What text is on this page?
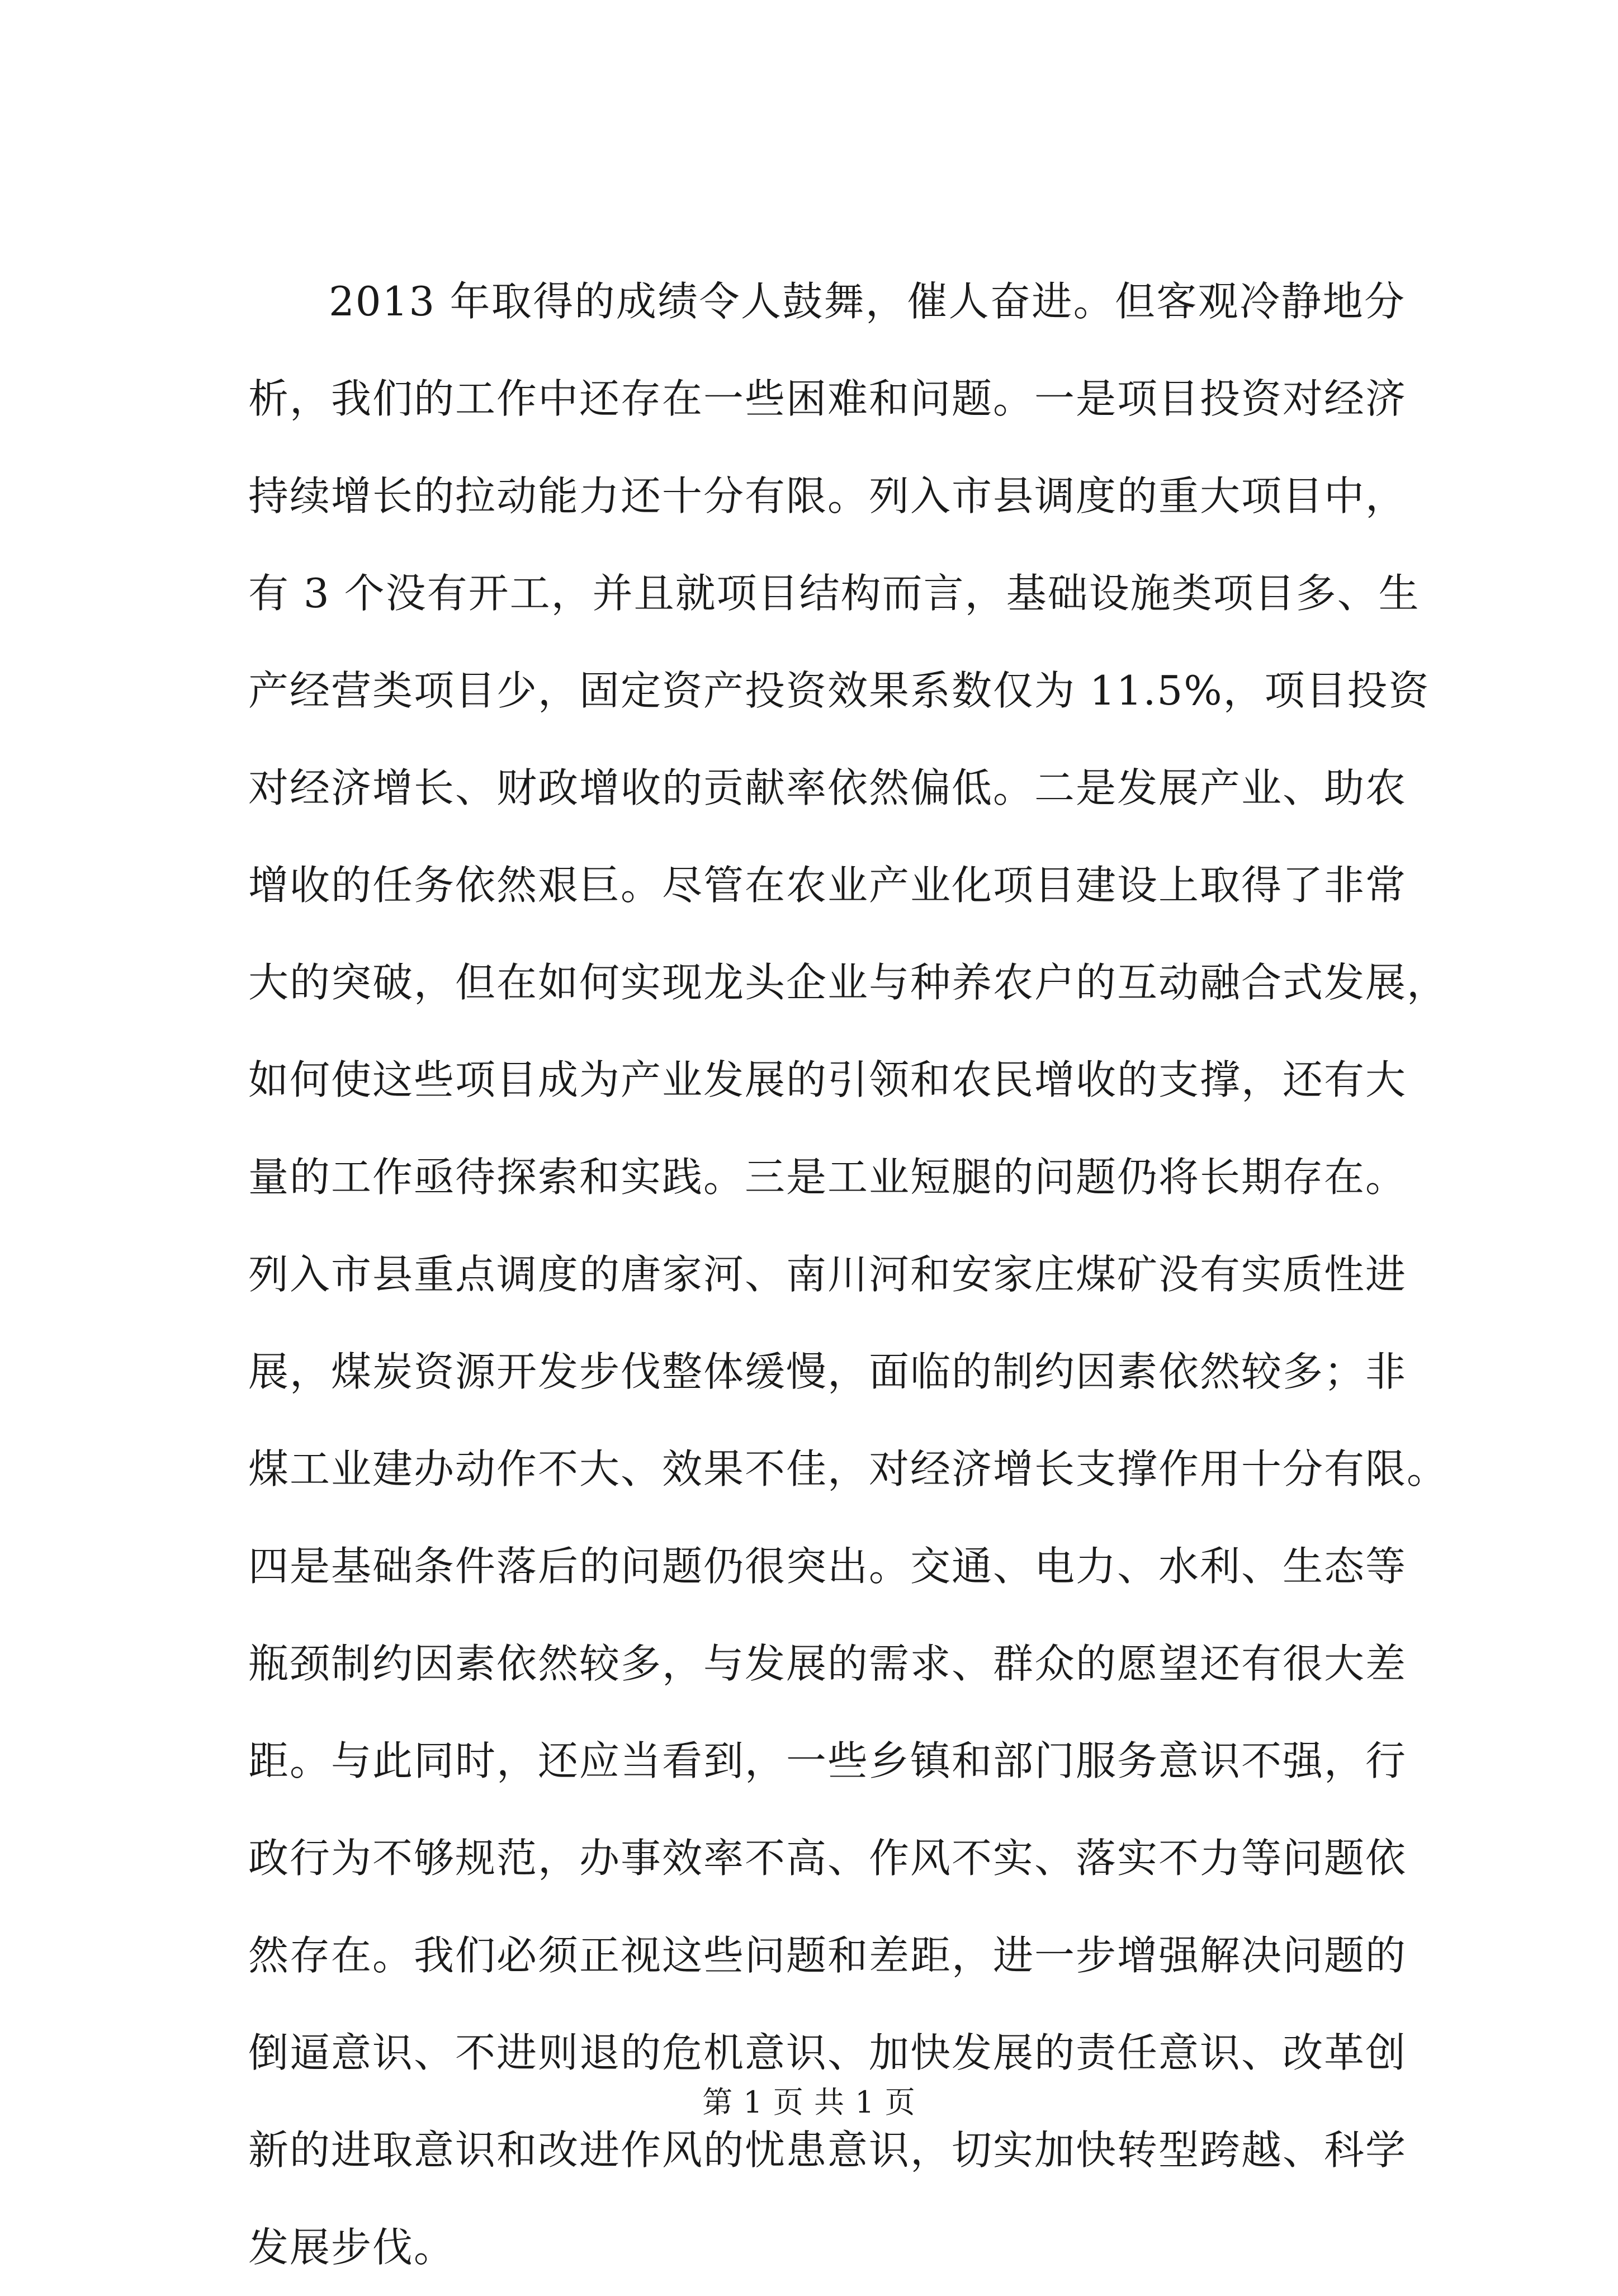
2013 年取得的成绩令人鼓舞，催人奋进。但客观冷静地分
析，我们的工作中还存在一些困难和问题。一是项目投资对经济
持续增长的拉动能力还十分有限。列入市县调度的重大项目中，
有 3 个没有开工，并且就项目结构而言，基础设施类项目多、生
产经营类项目少，固定资产投资效果系数仅为 11.5%，项目投资
对经济增长、财政增收的贡献率依然偏低。二是发展产业、助农
增收的任务依然艰巨。尽管在农业产业化项目建设上取得了非常
大的突破，但在如何实现龙头企业与种养农户的互动融合式发展，
如何使这些项目成为产业发展的引领和农民增收的支撑，还有大
量的工作亟待探索和实践。三是工业短腿的问题仍将长期存在。
列入市县重点调度的唐家河、南川河和安家庄煤矿没有实质性进
展，煤炭资源开发步伐整体缓慢，面临的制约因素依然较多；非
煤工业建办动作不大、效果不佳，对经济增长支撑作用十分有限。
四是基础条件落后的问题仍很突出。交通、电力、水利、生态等
瓶颈制约因素依然较多，与发展的需求、群众的愿望还有很大差
距。与此同时，还应当看到，一些乡镇和部门服务意识不强，行
政行为不够规范，办事效率不高、作风不实、落实不力等问题依
然存在。我们必须正视这些问题和差距，进一步增强解决问题的
倒逼意识、不进则退的危机意识、加快发展的责任意识、改革创
新的进取意识和改进作风的忧患意识，切实加快转型跨越、科学
发展步伐。
第 1 页 共 1 页
